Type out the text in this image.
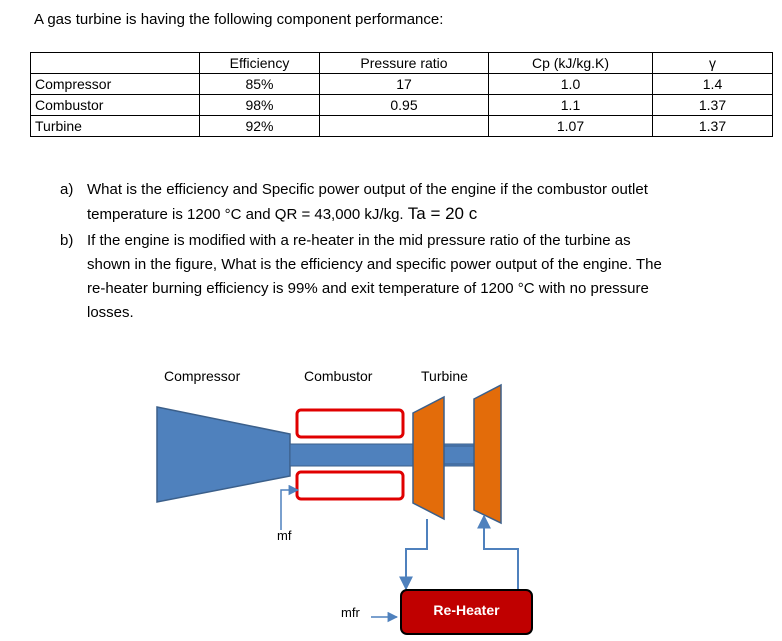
A gas turbine is having the following component performance:
	Efficiency	Pressure ratio	Cp (kJ/kg.K)	γ
Compressor	85%	17	1.0	1.4
Combustor	98%	0.95	1.1	1.37
Turbine	92%		1.07	1.37
a) What is the efficiency and Specific power output of the engine if the combustor outlet
temperature is 1200 °C and QR = 43,000 kJ/kg. Ta = 20 c
b) If the engine is modified with a re-heater in the mid pressure ratio of the turbine as
shown in the figure, What is the efficiency and specific power output of the engine. The
re-heater burning efficiency is 99% and exit temperature of 1200 °C with no pressure
losses.
Compressor	Combustor	Turbine
mf
mfr	Re-Heater
